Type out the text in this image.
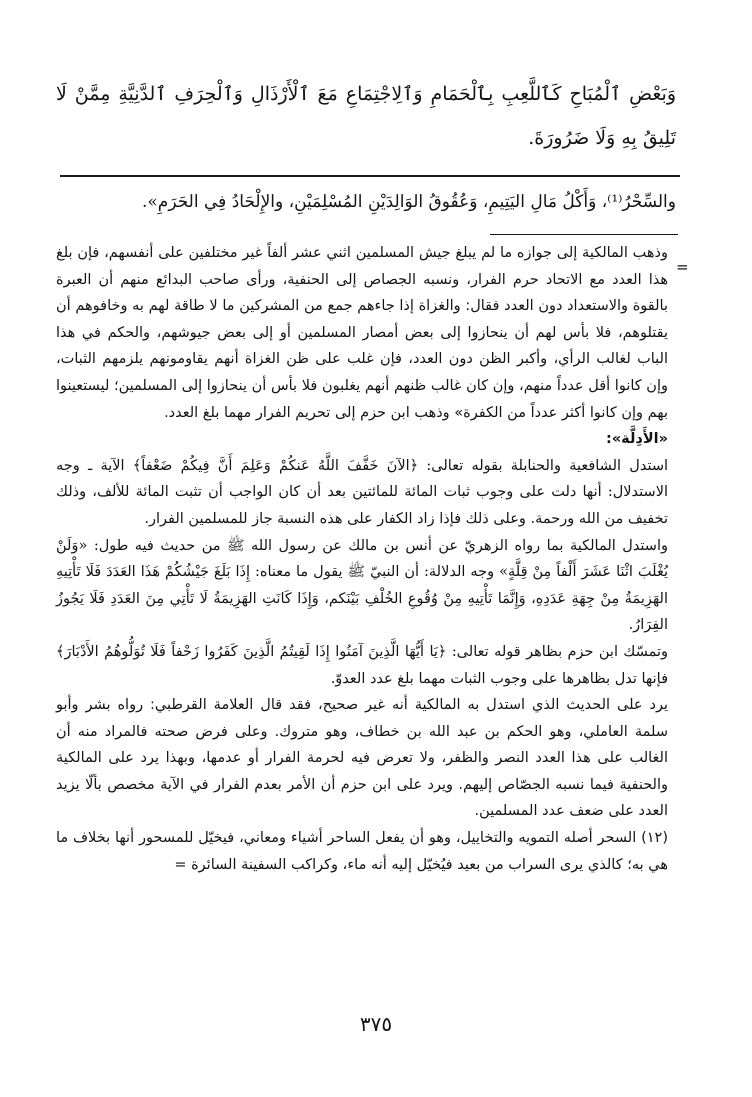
وَبَعْضِ ٱلْمُبَاحِ كَٱللَّعِبِ بِٱلْحَمَامِ وَٱلِاجْتِمَاعِ مَعَ ٱلْأَرْذَالِ وَٱلْحِرَفِ ٱلدَّنِيَّةِ مِمَّنْ لَا تَلِيقُ بِهِ وَلَا ضَرُورَةَ.
والسِّحْرُ⁽¹⁾، وَأَكْلُ مَالِ اليَتِيمِ، وَعُقُوقُ الوَالِدَيْنِ المُسْلِمَيْنِ، والإِلْحَادُ فِي الحَرَمِ».
=

وذهب المالكية إلى جوازه ما لم يبلغ جيش المسلمين اثني عشر ألفاً غير مختلفين على أنفسهم، فإن بلغ هذا العدد مع الاتحاد حرم الفرار، ونسبه الجصاص إلى الحنفية، ورأى صاحب البدائع منهم أن العبرة بالقوة والاستعداد دون العدد فقال: والغزاة إذا جاءهم جمع من المشركين ما لا طاقة لهم به وخافوهم أن يقتلوهم، فلا بأس لهم أن ينحازوا إلى بعض أمصار المسلمين أو إلى بعض جيوشهم، والحكم في هذا الباب لغالب الرأي، وأكبر الظن دون العدد، فإن غلب على ظن الغزاة أنهم يقاومونهم يلزمهم الثبات، وإن كانوا أقل عدداً منهم، وإن كان غالب ظنهم أنهم يغلبون فلا بأس أن ينحازوا إلى المسلمين؛ ليستعينوا بهم وإن كانوا أكثر عدداً من الكفرة» وذهب ابن حزم إلى تحريم الفرار مهما بلغ العدد.

«الأَدِلَّة»:

استدل الشافعية والحنابلة بقوله تعالى: ﴿الآنَ خَفَّفَ اللَّهُ عَنكُمْ وَعَلِمَ أَنَّ فِيكُمْ ضَعْفاً﴾ الآية ـ وجه الاستدلال: أنها دلت على وجوب ثبات المائة للمائتين بعد أن كان الواجب أن تثبت المائة للألف، وذلك تخفيف من الله ورحمة. وعلى ذلك فإذا زاد الكفار على هذه النسبة جاز للمسلمين الفرار.

واستدل المالكية بما رواه الزهريّ عن أنس بن مالك عن رسول الله ﷺ من حديث فيه طول: «وَلَنْ يُغْلَبَ اثْنَا عَشَرَ أَلْفاً مِنْ قِلَّةٍ» وجه الدلالة: أن النبيّ ﷺ يقول ما معناه: إِذَا بَلَغَ جَيْشُكُمْ هَذَا العَدَدَ فَلَا تَأْتِيهِ الهَزِيمَةُ مِنْ جِهَةِ عَدَدِهِ، وَإِنَّمَا تَأْتِيهِ مِنْ وُقُوعِ الخُلْفِ بَيْنَكم، وَإِذَا كَانَتِ الهَزِيمَةُ لَا تَأْتِي مِنَ العَدَدِ فَلَا يَجُوزُ الفِرَارُ.

وتمسّك ابن حزم بظاهر قوله تعالى: ﴿يَا أَيُّهَا الَّذِينَ آمَنُوا إِذَا لَقِيتُمُ الَّذِينَ كَفَرُوا زَحْفاً فَلَا تُوَلُّوهُمُ الأَدْبَارَ﴾ فإنها تدل بظاهرها على وجوب الثبات مهما بلغ عدد العدوّ.

يرد على الحديث الذي استدل به المالكية أنه غير صحيح، فقد قال العلامة القرطبي: رواه بشر وأبو سلمة العاملي، وهو الحكم بن عبد الله بن خطاف، وهو متروك. وعلى فرض صحته فالمراد منه أن الغالب على هذا العدد النصر والظفر، ولا تعرض فيه لحرمة الفرار أو عدمها، وبهذا يرد على المالكية والحنفية فيما نسبه الجصّاص إليهم. ويرد على ابن حزم أن الأمر بعدم الفرار في الآية مخصص بألّا يزيد العدد على ضعف عدد المسلمين.

(١٢) السحر أصله التمويه والتخاييل، وهو أن يفعل الساحر أشياء ومعاني، فيخيّل للمسحور أنها بخلاف ما هي به؛ كالذي يرى السراب من بعيد فيُخيّل إليه أنه ماء، وكراكب السفينة السائرة =

٣٧٥
